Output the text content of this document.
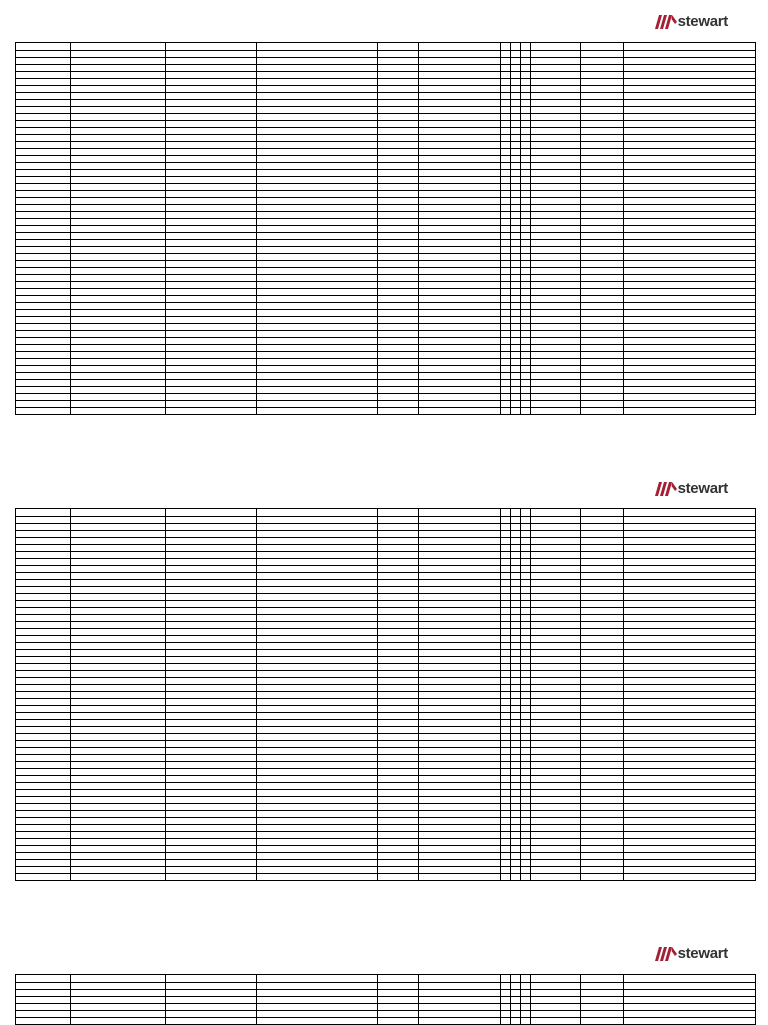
stewart

stewart

stewart
